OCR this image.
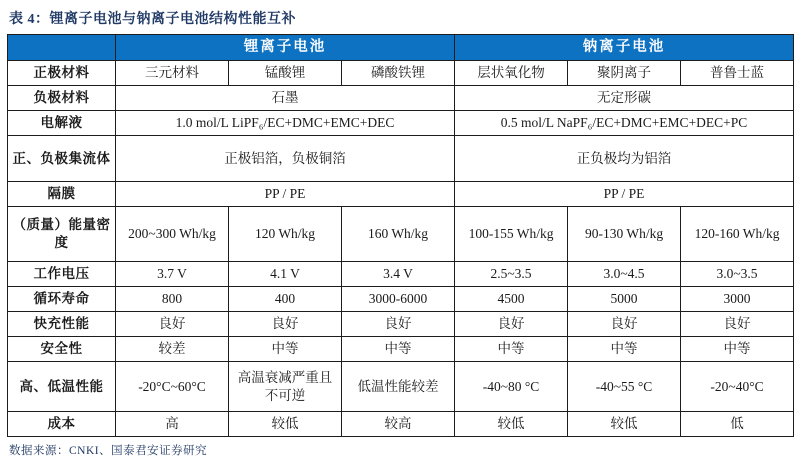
表 4：锂离子电池与钠离子电池结构性能互补
	锂离子电池			钠离子电池		
正极材料	三元材料	锰酸锂	磷酸铁锂	层状氧化物	聚阴离子	普鲁士蓝
负极材料	石墨			无定形碳		
电解液	1.0 mol/L LiPF₆/EC+DMC+EMC+DEC			0.5 mol/L NaPF₆/EC+DMC+EMC+DEC+PC		
正、负极集流体	正极铝箔，负极铜箔			正负极均为铝箔		
隔膜	PP / PE			PP / PE		
（质量）能量密度	200~300 Wh/kg	120 Wh/kg	160 Wh/kg	100-155 Wh/kg	90-130 Wh/kg	120-160 Wh/kg
工作电压	3.7 V	4.1 V	3.4 V	2.5~3.5	3.0~4.5	3.0~3.5
循环寿命	800	400	3000-6000	4500	5000	3000
快充性能	良好	良好	良好	良好	良好	良好
安全性	较差	中等	中等	中等	中等	中等
高、低温性能	-20°C~60°C	高温衰减严重且不可逆	低温性能较差	-40~80 °C	-40~55 °C	-20~40°C
成本	高	较低	较高	较低	较低	低
数据来源：CNKI、国泰君安证券研究
